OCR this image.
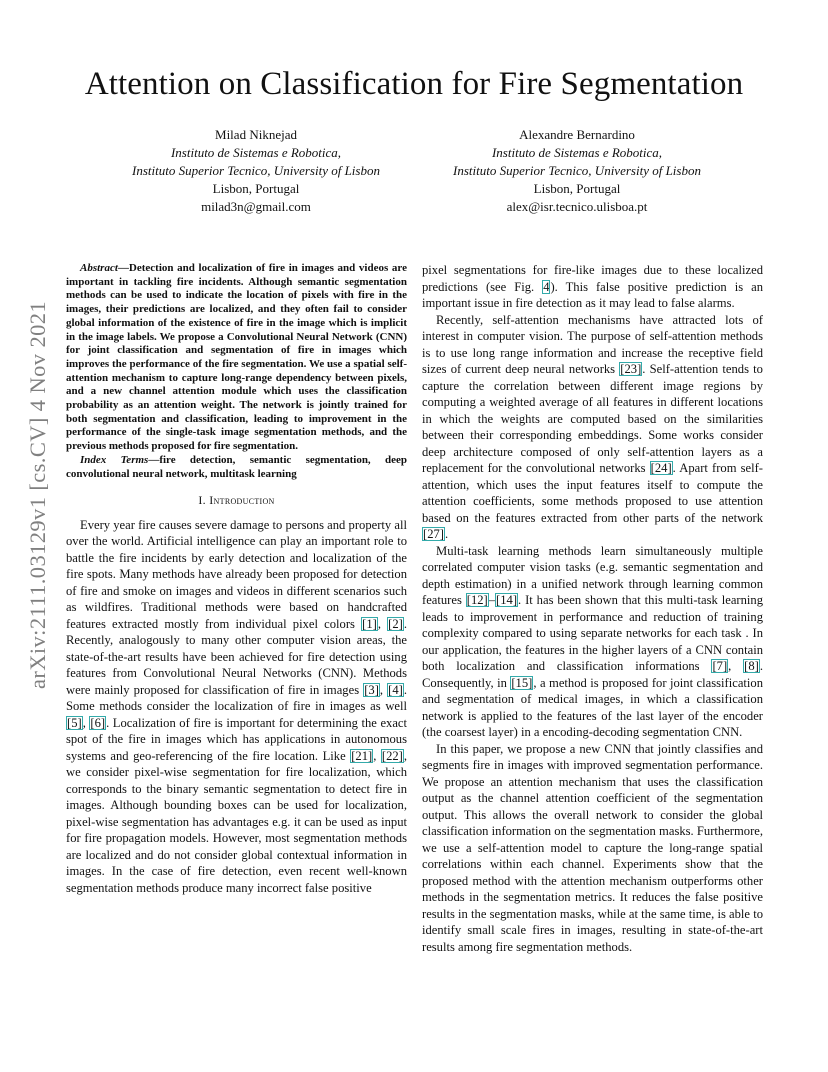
Attention on Classification for Fire Segmentation
Milad Niknejad
Instituto de Sistemas e Robotica,
Instituto Superior Tecnico, University of Lisbon
Lisbon, Portugal
milad3n@gmail.com
Alexandre Bernardino
Instituto de Sistemas e Robotica,
Instituto Superior Tecnico, University of Lisbon
Lisbon, Portugal
alex@isr.tecnico.ulisboa.pt
arXiv:2111.03129v1 [cs.CV] 4 Nov 2021

Abstract—Detection and localization of fire in images and videos are important in tackling fire incidents. Although semantic segmentation methods can be used to indicate the location of pixels with fire in the images, their predictions are localized, and they often fail to consider global information of the existence of fire in the image which is implicit in the image labels. We propose a Convolutional Neural Network (CNN) for joint classification and segmentation of fire in images which improves the performance of the fire segmentation. We use a spatial self-attention mechanism to capture long-range dependency between pixels, and a new channel attention module which uses the classification probability as an attention weight. The network is jointly trained for both segmentation and classification, leading to improvement in the performance of the single-task image segmentation methods, and the previous methods proposed for fire segmentation.

Index Terms—fire detection, semantic segmentation, deep convolutional neural network, multitask learning

I. Introduction

Every year fire causes severe damage to persons and property all over the world. Artificial intelligence can play an important role to battle the fire incidents by early detection and localization of the fire spots. Many methods have already been proposed for detection of fire and smoke on images and videos in different scenarios such as wildfires. Traditional methods were based on handcrafted features extracted mostly from individual pixel colors [1], [2]. Recently, analogously to many other computer vision areas, the state-of-the-art results have been achieved for fire detection using features from Convolutional Neural Networks (CNN). Methods were mainly proposed for classification of fire in images [3], [4]. Some methods consider the localization of fire in images as well [5], [6]. Localization of fire is important for determining the exact spot of the fire in images which has applications in autonomous systems and geo-referencing of the fire location. Like [21], [22], we consider pixel-wise segmentation for fire localization, which corresponds to the binary semantic segmentation to detect fire in images. Although bounding boxes can be used for localization, pixel-wise segmentation has advantages e.g. it can be used as input for fire propagation models. However, most segmentation methods are localized and do not consider global contextual information in images. In the case of fire detection, even recent well-known segmentation methods produce many incorrect false positive

pixel segmentations for fire-like images due to these localized predictions (see Fig. 4). This false positive prediction is an important issue in fire detection as it may lead to false alarms.

Recently, self-attention mechanisms have attracted lots of interest in computer vision. The purpose of self-attention methods is to use long range information and increase the receptive field sizes of current deep neural networks [23]. Self-attention tends to capture the correlation between different image regions by computing a weighted average of all features in different locations in which the weights are computed based on the similarities between their corresponding embeddings. Some works consider deep architecture composed of only self-attention layers as a replacement for the convolutional networks [24]. Apart from self-attention, which uses the input features itself to compute the attention coefficients, some methods proposed to use attention based on the features extracted from other parts of the network [27].

Multi-task learning methods learn simultaneously multiple correlated computer vision tasks (e.g. semantic segmentation and depth estimation) in a unified network through learning common features [12]–[14]. It has been shown that this multi-task learning leads to improvement in performance and reduction of training complexity compared to using separate networks for each task . In our application, the features in the higher layers of a CNN contain both localization and classification informations [7], [8]. Consequently, in [15], a method is proposed for joint classification and segmentation of medical images, in which a classification network is applied to the features of the last layer of the encoder (the coarsest layer) in a encoding-decoding segmentation CNN.

In this paper, we propose a new CNN that jointly classifies and segments fire in images with improved segmentation performance. We propose an attention mechanism that uses the classification output as the channel attention coefficient of the segmentation output. This allows the overall network to consider the global classification information on the segmentation masks. Furthermore, we use a self-attention model to capture the long-range spatial correlations within each channel. Experiments show that the proposed method with the attention mechanism outperforms other methods in the segmentation metrics. It reduces the false positive results in the segmentation masks, while at the same time, is able to identify small scale fires in images, resulting in state-of-the-art results among fire segmentation methods.
